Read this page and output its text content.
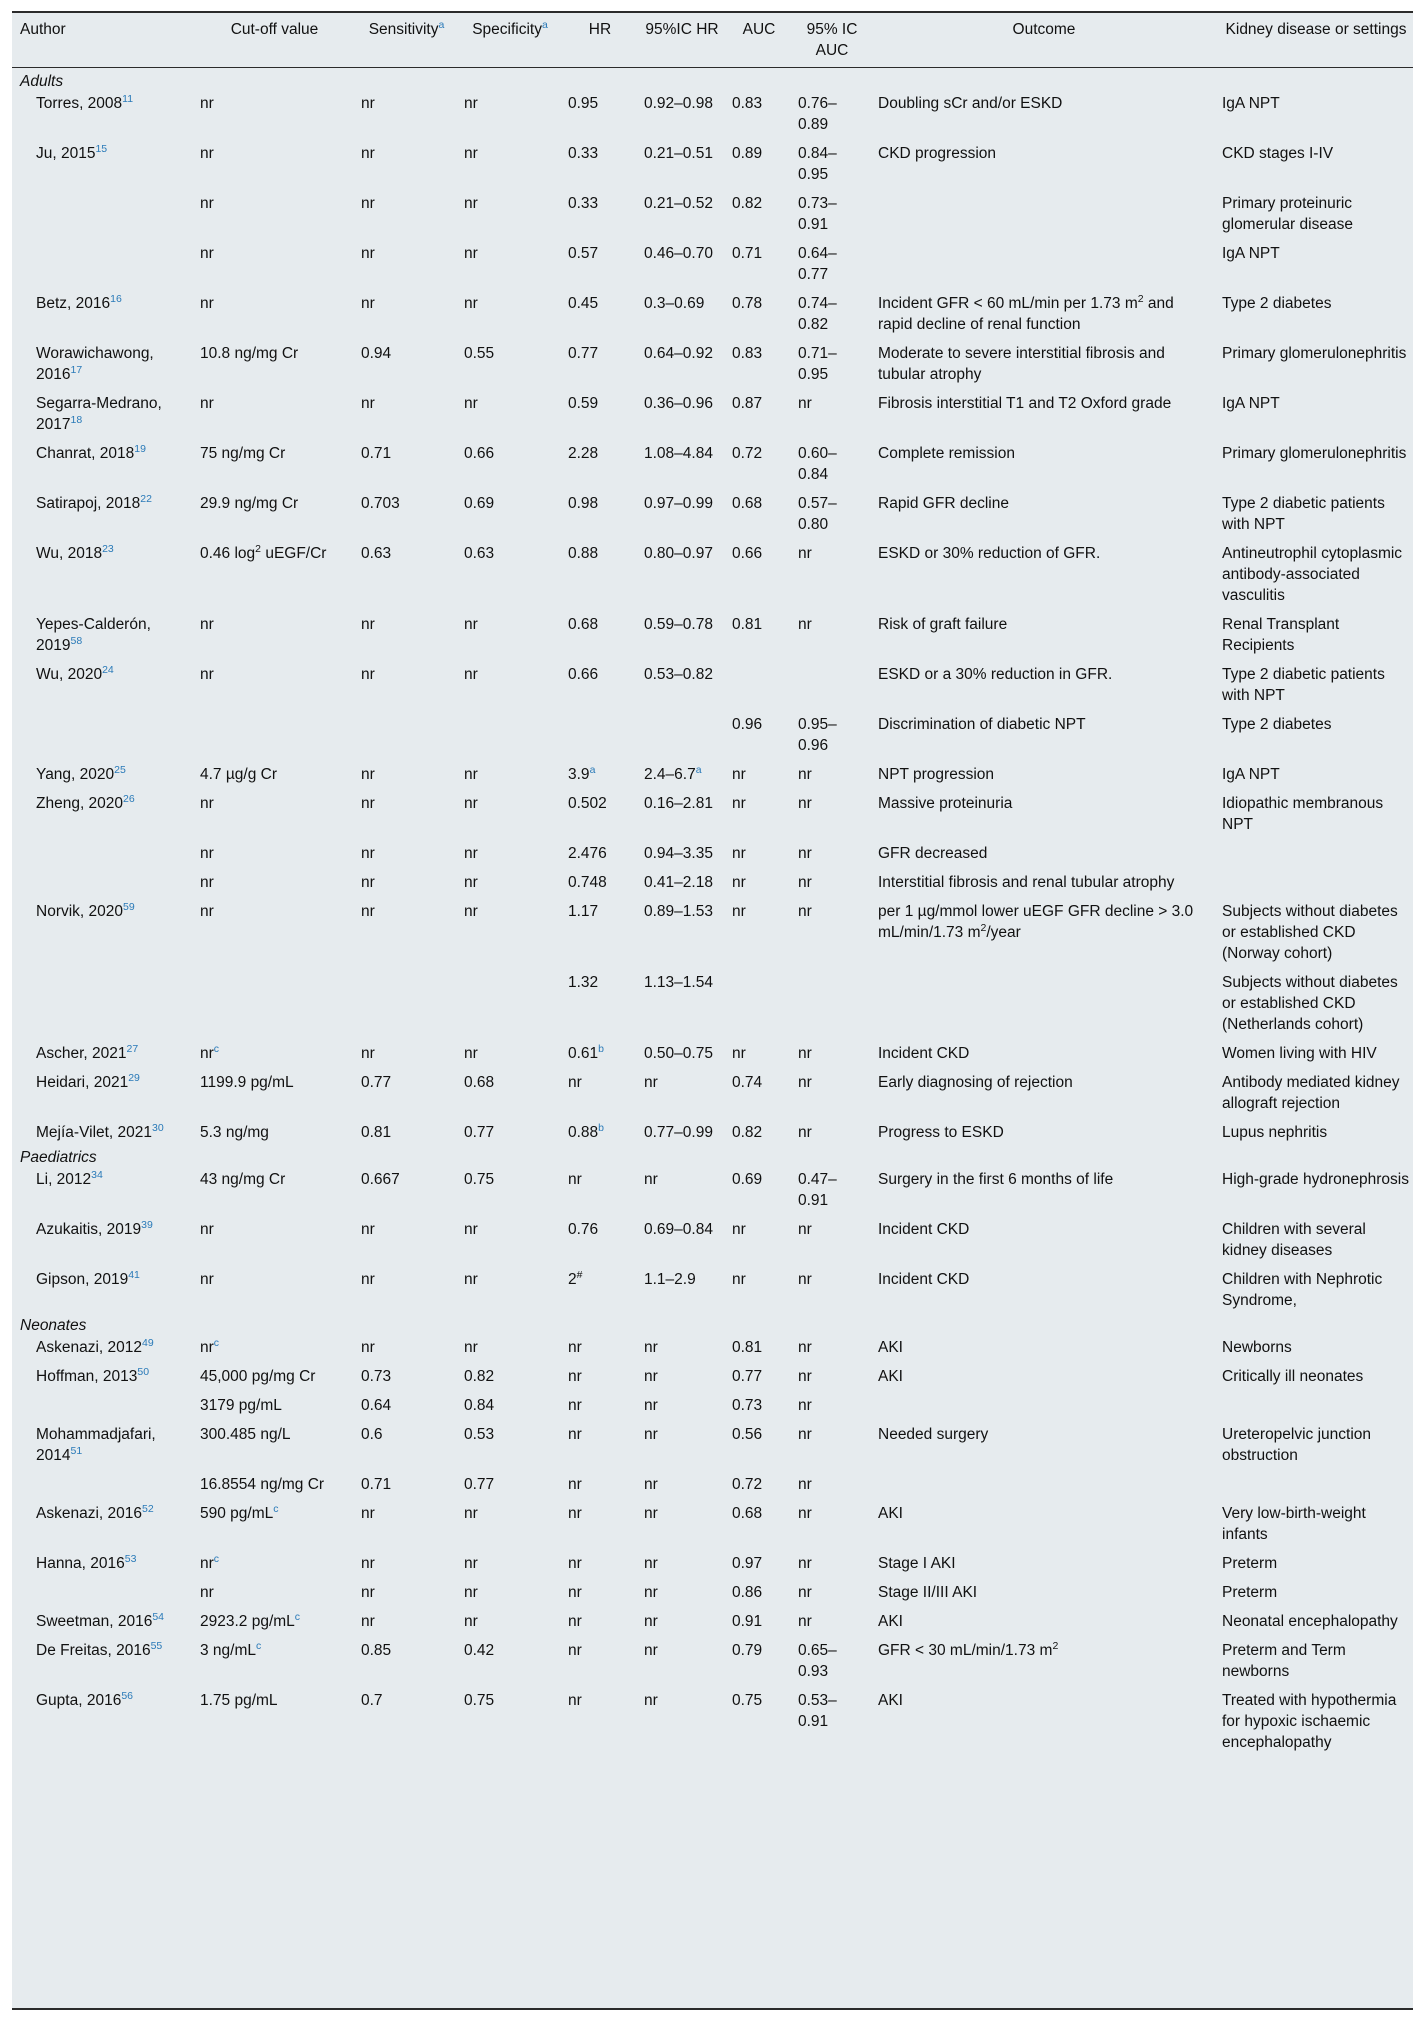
Author	Cut-off value	Sensitivity$^a$	Specificity$^a$	HR	95%IC HR	AUC	95% IC AUC	Outcome	Kidney disease or settings
Adults									
Torres, 2008$^{11}$	nr	nr	nr	0.95	0.92–0.98	0.83	0.76–0.89	Doubling sCr and/or ESKD	IgA NPT
Ju, 2015$^{15}$	nr	nr	nr	0.33	0.21–0.51	0.89	0.84–0.95	CKD progression	CKD stages I-IV
	nr	nr	nr	0.33	0.21–0.52	0.82	0.73–0.91		Primary proteinuric glomerular disease
	nr	nr	nr	0.57	0.46–0.70	0.71	0.64–0.77		IgA NPT
Betz, 2016$^{16}$	nr	nr	nr	0.45	0.3–0.69	0.78	0.74–0.82	Incident GFR < 60 mL/min per 1.73 $m^2$ and rapid decline of renal function	Type 2 diabetes
Worawichawong, 2016$^{17}$	10.8 ng/mg Cr	0.94	0.55	0.77	0.64–0.92	0.83	0.71–0.95	Moderate to severe interstitial fibrosis and tubular atrophy	Primary glomerulonephritis
Segarra-Medrano, 2017$^{18}$	nr	nr	nr	0.59	0.36–0.96	0.87	nr	Fibrosis interstitial T1 and T2 Oxford grade	IgA NPT
Chanrat, 2018$^{19}$	75 ng/mg Cr	0.71	0.66	2.28	1.08–4.84	0.72	0.60–0.84	Complete remission	Primary glomerulonephritis
Satirapoj, 2018$^{22}$	29.9 ng/mg Cr	0.703	0.69	0.98	0.97–0.99	0.68	0.57–0.80	Rapid GFR decline	Type 2 diabetic patients with NPT
Wu, 2018$^{23}$	0.46 $\log^2$ uEGF/Cr	0.63	0.63	0.88	0.80–0.97	0.66	nr	ESKD or 30% reduction of GFR.	Antineutrophil cytoplasmic antibody-associated vasculitis
Yepes-Calderón, 2019$^{58}$	nr	nr	nr	0.68	0.59–0.78	0.81	nr	Risk of graft failure	Renal Transplant Recipients
Wu, 2020$^{24}$	nr	nr	nr	0.66	0.53–0.82			ESKD or a 30% reduction in GFR.	Type 2 diabetic patients with NPT
						0.96	0.95–0.96	Discrimination of diabetic NPT	Type 2 diabetes
Yang, 2020$^{25}$	4.7 µg/g Cr	nr	nr	3.9$^a$	2.4–6.7$^a$	nr	nr	NPT progression	IgA NPT
Zheng, 2020$^{26}$	nr	nr	nr	0.502	0.16–2.81	nr	nr	Massive proteinuria	Idiopathic membranous NPT
	nr	nr	nr	2.476	0.94–3.35	nr	nr	GFR decreased	
	nr	nr	nr	0.748	0.41–2.18	nr	nr	Interstitial fibrosis and renal tubular atrophy	
Norvik, 2020$^{59}$	nr	nr	nr	1.17	0.89–1.53	nr	nr	per 1 µg/mmol lower uEGF GFR decline > 3.0 mL/min/1.73 $m^2$/year	Subjects without diabetes or established CKD (Norway cohort)
				1.32	1.13–1.54				Subjects without diabetes or established CKD (Netherlands cohort)
Ascher, 2021$^{27}$	nr$^c$	nr	nr	0.61$^b$	0.50–0.75	nr	nr	Incident CKD	Women living with HIV
Heidari, 2021$^{29}$	1199.9 pg/mL	0.77	0.68	nr	nr	0.74	nr	Early diagnosing of rejection	Antibody mediated kidney allograft rejection
Mejía-Vilet, 2021$^{30}$	5.3 ng/mg	0.81	0.77	0.88$^b$	0.77–0.99	0.82	nr	Progress to ESKD	Lupus nephritis
Paediatrics									
Li, 2012$^{34}$	43 ng/mg Cr	0.667	0.75	nr	nr	0.69	0.47–0.91	Surgery in the first 6 months of life	High-grade hydronephrosis
Azukaitis, 2019$^{39}$	nr	nr	nr	0.76	0.69–0.84	nr	nr	Incident CKD	Children with several kidney diseases
Gipson, 2019$^{41}$	nr	nr	nr	2#	1.1–2.9	nr	nr	Incident CKD	Children with Nephrotic Syndrome,
Neonates									
Askenazi, 2012$^{49}$	nr$^c$	nr	nr	nr	nr	0.81	nr	AKI	Newborns
Hoffman, 2013$^{50}$	45,000 pg/mg Cr	0.73	0.82	nr	nr	0.77	nr	AKI	Critically ill neonates
	3179 pg/mL	0.64	0.84	nr	nr	0.73	nr		
Mohammadjafari, 2014$^{51}$	300.485 ng/L	0.6	0.53	nr	nr	0.56	nr	Needed surgery	Ureteropelvic junction obstruction
	16.8554 ng/mg Cr	0.71	0.77	nr	nr	0.72	nr		
Askenazi, 2016$^{52}$	590 pg/mL$^c$	nr	nr	nr	nr	0.68	nr	AKI	Very low-birth-weight infants
Hanna, 2016$^{53}$	nr$^c$	nr	nr	nr	nr	0.97	nr	Stage I AKI	Preterm
	nr	nr	nr	nr	nr	0.86	nr	Stage II/III AKI	Preterm
Sweetman, 2016$^{54}$	2923.2 pg/mL$^c$	nr	nr	nr	nr	0.91	nr	AKI	Neonatal encephalopathy
De Freitas, 2016$^{55}$	3 ng/mL$^c$	0.85	0.42	nr	nr	0.79	0.65–0.93	GFR < 30 mL/min/1.73 $m^2$	Preterm and Term newborns
Gupta, 2016$^{56}$	1.75 pg/mL	0.7	0.75	nr	nr	0.75	0.53–0.91	AKI	Treated with hypothermia for hypoxic ischaemic encephalopathy
